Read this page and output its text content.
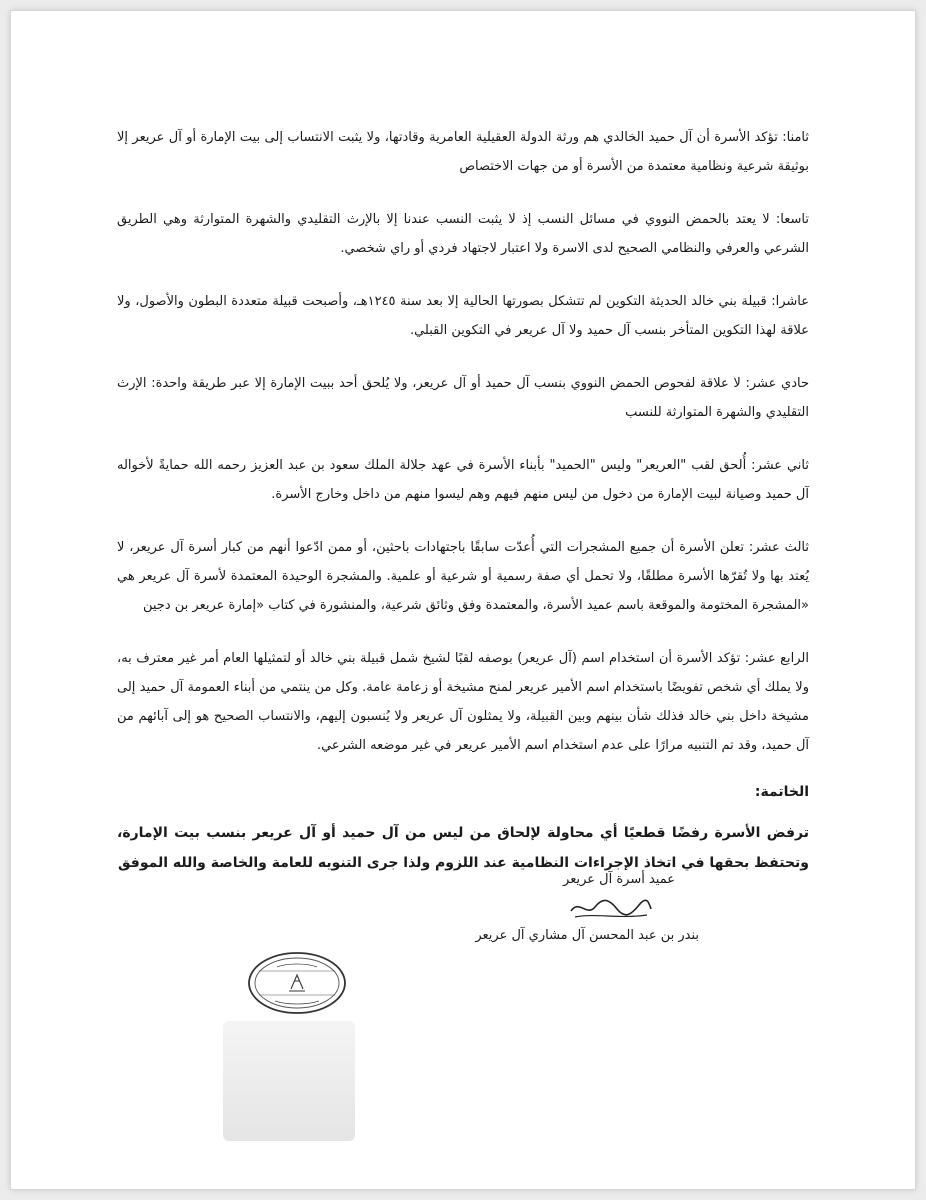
ثامنا: تؤكد الأسرة أن آل حميد الخالدي هم ورثة الدولة العقيلية العامرية وقادتها، ولا يثبت الانتساب إلى بيت الإمارة أو آل عريعر إلا بوثيقة شرعية ونظامية معتمدة من الأسرة أو من جهات الاختصاص

تاسعا: لا يعتد بالحمض النووي في مسائل النسب إذ لا يثبت النسب عندنا إلا بالإرث التقليدي والشهرة المتوارثة وهي الطريق الشرعي والعرفي والنظامي الصحيح لدى الاسرة ولا اعتبار لاجتهاد فردي أو راي شخصي.

عاشرا: قبيلة بني خالد الحديثة التكوين لم تتشكل بصورتها الحالية إلا بعد سنة ١٢٤٥هـ، وأصبحت قبيلة متعددة البطون والأصول، ولا علاقة لهذا التكوين المتأخر بنسب آل حميد ولا آل عريعر في التكوين القبلي.

حادي عشر: لا علاقة لفحوص الحمض النووي بنسب آل حميد أو آل عريعر، ولا يُلحق أحد ببيت الإمارة إلا عبر طريقة واحدة: الإرث التقليدي والشهرة المتوارثة للنسب

ثاني عشر: أُلحق لقب "العريعر" وليس "الحميد" بأبناء الأسرة في عهد جلالة الملك سعود بن عبد العزيز رحمه الله حمايةً لأخواله آل حميد وصيانة لبيت الإمارة من دخول من ليس منهم فيهم وهم ليسوا منهم من داخل وخارج الأسرة.

ثالث عشر: تعلن الأسرة أن جميع المشجرات التي أُعدّت سابقًا باجتهادات باحثين، أو ممن ادّعوا أنهم من كبار أسرة آل عريعر، لا يُعتد بها ولا تُقرّها الأسرة مطلقًا، ولا تحمل أي صفة رسمية أو شرعية أو علمية. والمشجرة الوحيدة المعتمدة لأسرة آل عريعر هي «المشجرة المختومة والموقعة باسم عميد الأسرة، والمعتمدة وفق وثائق شرعية، والمنشورة في كتاب «إمارة عريعر بن دجين

الرابع عشر: تؤكد الأسرة أن استخدام اسم (آل عريعر) بوصفه لقبًا لشيخ شمل قبيلة بني خالد أو لتمثيلها العام أمر غير معترف به، ولا يملك أي شخص تفويضًا باستخدام اسم الأمير عريعر لمنح مشيخة أو زعامة عامة. وكل من ينتمي من أبناء العمومة آل حميد إلى مشيخة داخل بني خالد فذلك شأن بينهم وبين القبيلة، ولا يمثلون آل عريعر ولا يُنسبون إليهم، والانتساب الصحيح هو إلى آبائهم من آل حميد، وقد تم التنبيه مرارًا على عدم استخدام اسم الأمير عريعر في غير موضعه الشرعي.

الخاتمة:

ترفض الأسرة رفضًا قطعيًا أي محاولة لإلحاق من ليس من آل حميد أو آل عريعر بنسب بيت الإمارة، وتحتفظ بحقها في اتخاذ الإجراءات النظامية عند اللزوم ولذا جرى التنويه للعامة والخاصة والله الموفق

عميد أسرة آل عريعر
بندر بن عبد المحسن آل مشاري آل عريعر
